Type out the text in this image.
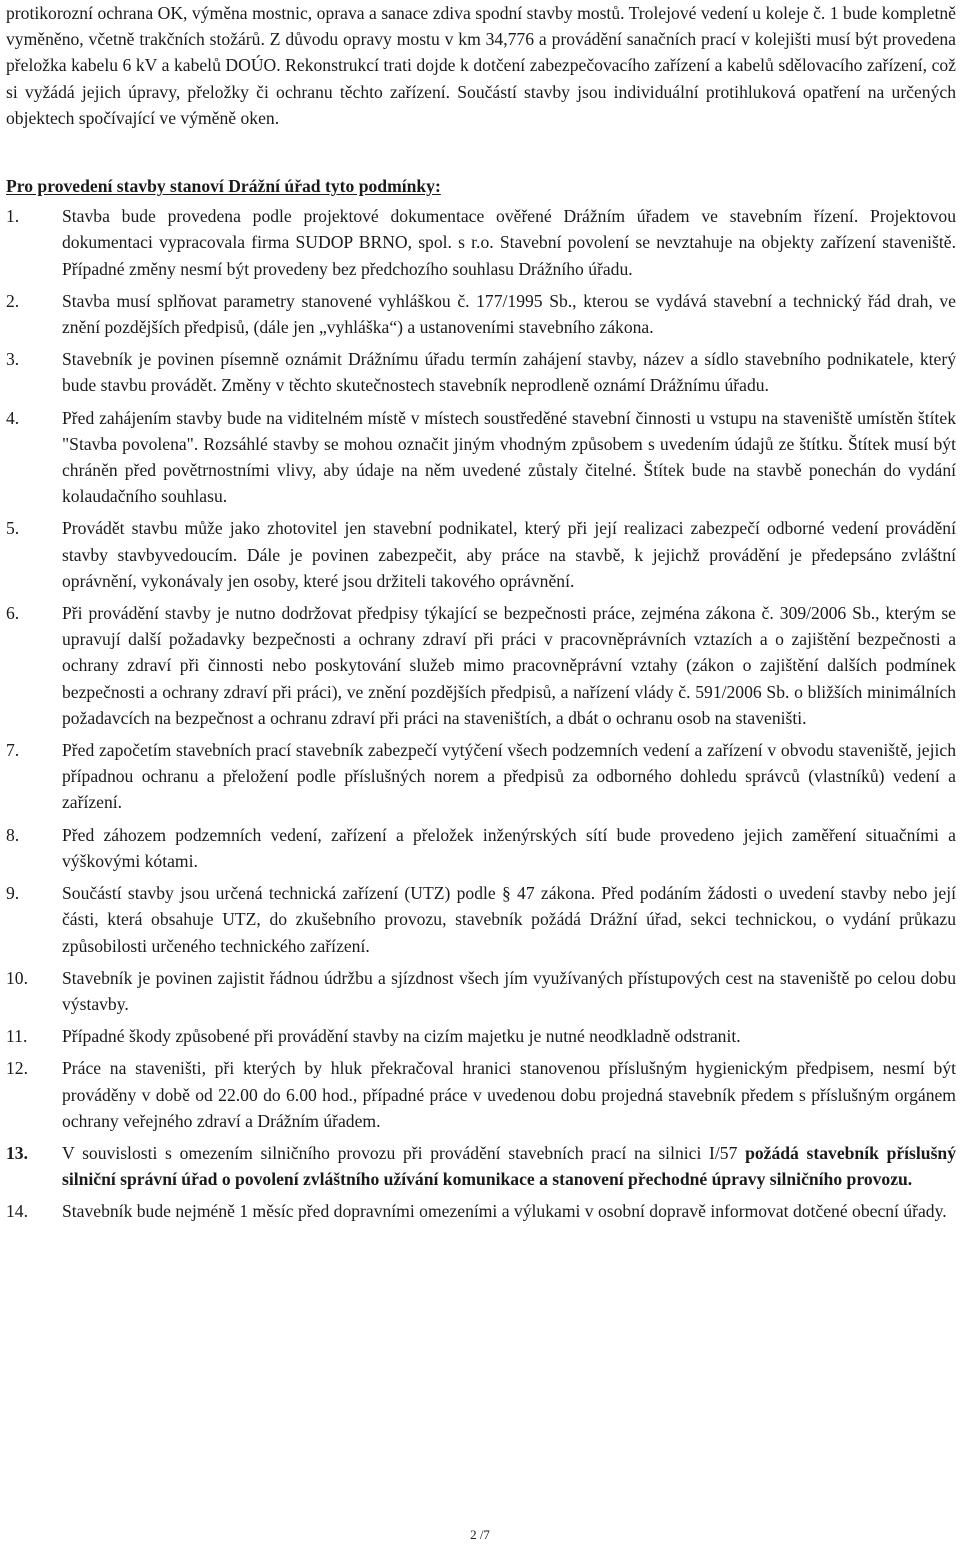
protikorozní ochrana OK, výměna mostnic, oprava a sanace zdiva spodní stavby mostů. Trolejové vedení u koleje č. 1 bude kompletně vyměněno, včetně trakčních stožárů. Z důvodu opravy mostu v km 34,776 a provádění sanačních prací v kolejišti musí být provedena přeložka kabelu 6 kV a kabelů DOÚO. Rekonstrukcí trati dojde k dotčení zabezpečovacího zařízení a kabelů sdělovacího zařízení, což si vyžádá jejich úpravy, přeložky či ochranu těchto zařízení. Součástí stavby jsou individuální protihluková opatření na určených objektech spočívající ve výměně oken.

Pro provedení stavby stanoví Drážní úřad tyto podmínky:

1.	Stavba bude provedena podle projektové dokumentace ověřené Drážním úřadem ve stavebním řízení. Projektovou dokumentaci vypracovala firma SUDOP BRNO, spol. s r.o. Stavební povolení se nevztahuje na objekty zařízení staveniště. Případné změny nesmí být provedeny bez předchozího souhlasu Drážního úřadu.
2.	Stavba musí splňovat parametry stanovené vyhláškou č. 177/1995 Sb., kterou se vydává stavební a technický řád drah, ve znění pozdějších předpisů, (dále jen „vyhláška“) a ustanoveními stavebního zákona.
3.	Stavebník je povinen písemně oznámit Drážnímu úřadu termín zahájení stavby, název a sídlo stavebního podnikatele, který bude stavbu provádět. Změny v těchto skutečnostech stavebník neprodleně oznámí Drážnímu úřadu.
4.	Před zahájením stavby bude na viditelném místě v místech soustředěné stavební činnosti u vstupu na staveniště umístěn štítek "Stavba povolena". Rozsáhlé stavby se mohou označit jiným vhodným způsobem s uvedením údajů ze štítku. Štítek musí být chráněn před povětrnostními vlivy, aby údaje na něm uvedené zůstaly čitelné. Štítek bude na stavbě ponechán do vydání kolaudačního souhlasu.
5.	Provádět stavbu může jako zhotovitel jen stavební podnikatel, který při její realizaci zabezpečí odborné vedení provádění stavby stavbyvedoucím. Dále je povinen zabezpečit, aby práce na stavbě, k jejichž provádění je předepsáno zvláštní oprávnění, vykonávaly jen osoby, které jsou držiteli takového oprávnění.
6.	Při provádění stavby je nutno dodržovat předpisy týkající se bezpečnosti práce, zejména zákona č. 309/2006 Sb., kterým se upravují další požadavky bezpečnosti a ochrany zdraví při práci v pracovněprávních vztazích a o zajištění bezpečnosti a ochrany zdraví při činnosti nebo poskytování služeb mimo pracovněprávní vztahy (zákon o zajištění dalších podmínek bezpečnosti a ochrany zdraví při práci), ve znění pozdějších předpisů, a nařízení vlády č. 591/2006 Sb. o bližších minimálních požadavcích na bezpečnost a ochranu zdraví při práci na staveništích, a dbát o ochranu osob na staveništi.
7.	Před započetím stavebních prací stavebník zabezpečí vytýčení všech podzemních vedení a zařízení v obvodu staveniště, jejich případnou ochranu a přeložení podle příslušných norem a předpisů za odborného dohledu správců (vlastníků) vedení a zařízení.
8.	Před záhozem podzemních vedení, zařízení a přeložek inženýrských sítí bude provedeno jejich zaměření situačními a výškovými kótami.
9.	Součástí stavby jsou určená technická zařízení (UTZ) podle § 47 zákona. Před podáním žádosti o uvedení stavby nebo její části, která obsahuje UTZ, do zkušebního provozu, stavebník požádá Drážní úřad, sekci technickou, o vydání průkazu způsobilosti určeného technického zařízení.
10.	Stavebník je povinen zajistit řádnou údržbu a sjízdnost všech jím využívaných přístupových cest na staveniště po celou dobu výstavby.
11.	Případné škody způsobené při provádění stavby na cizím majetku je nutné neodkladně odstranit.
12.	Práce na staveništi, při kterých by hluk překračoval hranici stanovenou příslušným hygienickým předpisem, nesmí být prováděny v době od 22.00 do 6.00 hod., případné práce v uvedenou dobu projedná stavebník předem s příslušným orgánem ochrany veřejného zdraví a Drážním úřadem.
13.	V souvislosti s omezením silničního provozu při provádění stavebních prací na silnici I/57 požádá stavebník příslušný silniční správní úřad o povolení zvláštního užívání komunikace a stanovení přechodné úpravy silničního provozu.
14.	Stavebník bude nejméně 1 měsíc před dopravními omezeními a výlukami v osobní dopravě informovat dotčené obecní úřady.
2 /7
